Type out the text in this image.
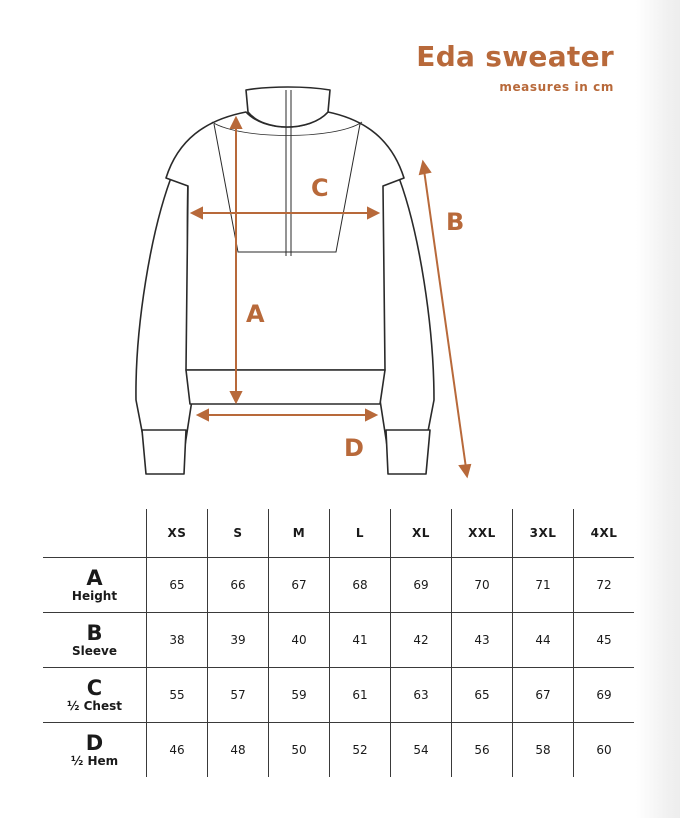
Eda sweater
measures in cm
A
B
C
D
	XS	S	M	L	XL	XXL	3XL	4XL

A
Height	65	66	67	68	69	70	71	72

B
Sleeve	38	39	40	41	42	43	44	45

C
½ Chest	55	57	59	61	63	65	67	69

D
½ Hem	46	48	50	52	54	56	58	60
